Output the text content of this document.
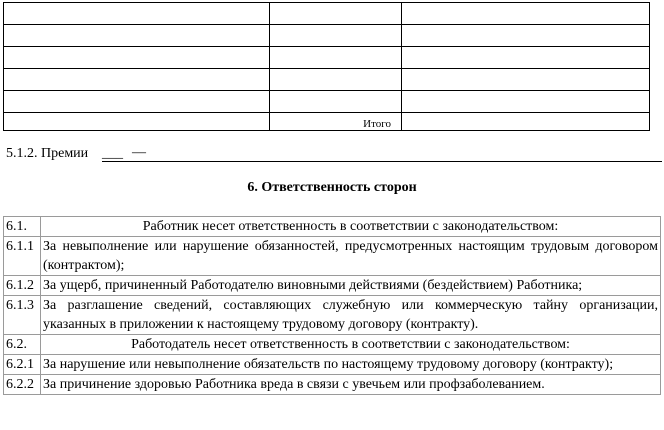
	Итого	
5.1.2. Премии ___ —
6. Ответственность сторон
6.1.	Работник несет ответственность в соответствии с законодательством:
6.1.1	За невыполнение или нарушение обязанностей, предусмотренных настоящим трудовым договором (контрактом);
6.1.2	За ущерб, причиненный Работодателю виновными действиями (бездействием) Работника;
6.1.3	За разглашение сведений, составляющих служебную или коммерческую тайну организации, указанных в приложении к настоящему трудовому договору (контракту).
6.2.	Работодатель несет ответственность в соответствии с законодательством:
6.2.1	За нарушение или невыполнение обязательств по настоящему трудовому договору (контракту);
6.2.2	За причинение здоровью Работника вреда в связи с увечьем или профзаболеванием.
